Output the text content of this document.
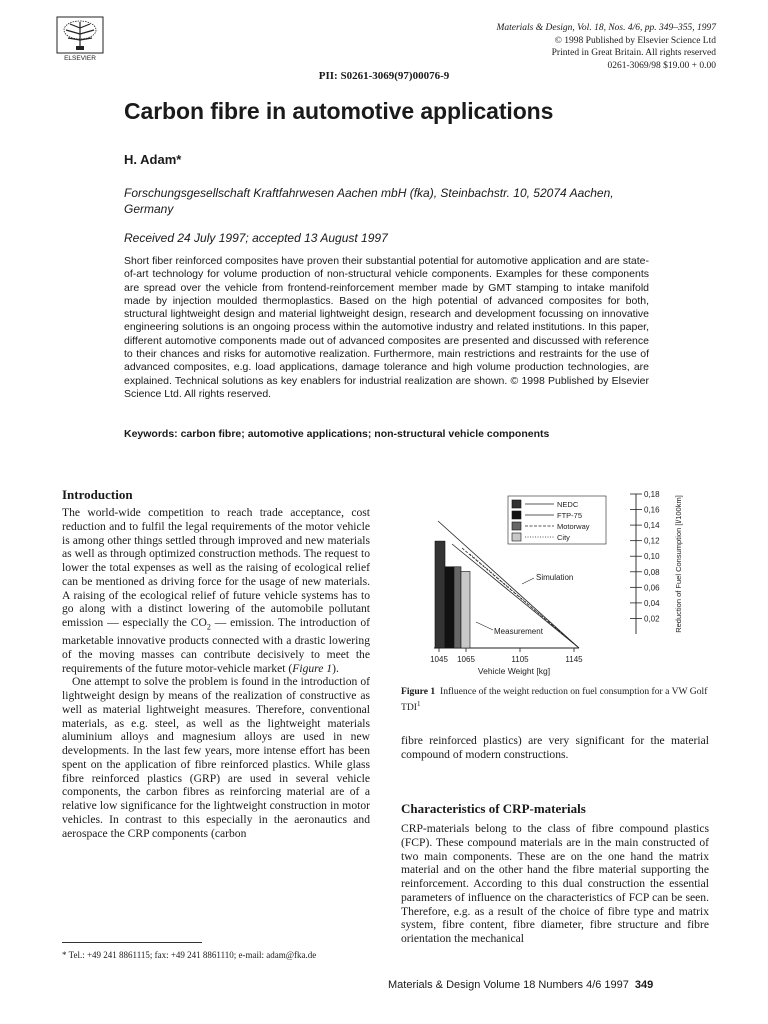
ELSEVIER
Materials & Design, Vol. 18, Nos. 4/6, pp. 349–355, 1997
© 1998 Published by Elsevier Science Ltd
Printed in Great Britain. All rights reserved
0261-3069/98 $19.00 + 0.00
PII: S0261-3069(97)00076-9
Carbon fibre in automotive applications
H. Adam*
Forschungsgesellschaft Kraftfahrwesen Aachen mbH (fka), Steinbachstr. 10, 52074 Aachen, Germany
Received 24 July 1997; accepted 13 August 1997
Short fiber reinforced composites have proven their substantial potential for automotive application and are state-of-art technology for volume production of non-structural vehicle components. Examples for these components are spread over the vehicle from frontend-reinforcement member made by GMT stamping to intake manifold made by injection moulded thermoplastics. Based on the high potential of advanced composites for both, structural lightweight design and material lightweight design, research and development focussing on innovative engineering solutions is an ongoing process within the automotive industry and related institutions. In this paper, different automotive components made out of advanced composites are presented and discussed with reference to their chances and risks for automotive realization. Furthermore, main restrictions and restraints for the use of advanced composites, e.g. load applications, damage tolerance and high volume production technologies, are explained. Technical solutions as key enablers for industrial realization are shown. © 1998 Published by Elsevier Science Ltd. All rights reserved.
Keywords: carbon fibre; automotive applications; non-structural vehicle components
Introduction
The world-wide competition to reach trade acceptance, cost reduction and to fulfil the legal requirements of the motor vehicle is among other things settled through improved and new materials as well as through optimized construction methods. The request to lower the total expenses as well as the raising of ecological relief can be mentioned as driving force for the usage of new materials. A raising of the ecological relief of future vehicle systems has to go along with a distinct lowering of the automobile pollutant emission — especially the $CO_2$ — emission. The introduction of marketable innovative products connected with a drastic lowering of the moving masses can contribute decisively to meet the requirements of the future motor-vehicle market (Figure 1).
One attempt to solve the problem is found in the introduction of lightweight design by means of the realization of constructive as well as material lightweight measures. Therefore, conventional materials, as e.g. steel, as well as the lightweight materials aluminium alloys and magnesium alloys are used in new developments. In the last few years, more intense effort has been spent on the application of fibre reinforced plastics. While glass fibre reinforced plastics (GRP) are used in several vehicle components, the carbon fibres as reinforcing material are of a relative low significance for the lightweight construction in motor vehicles. In contrast to this especially in the aeronautics and aerospace the CRP components (carbon
* Tel.: +49 241 8861115; fax: +49 241 8861110; e-mail: adam@fka.de
0,02
0,04
0,06
0,08
0,10
0,12
0,14
0,16
0,18
1045 1065	1105	1145
Vehicle Weight [kg]
Reduction of Fuel Consumption [l/100km]
Simulation
Measurement
NEDC
FTP-75
Motorway
City
Figure 1 Influence of the weight reduction on fuel consumption for a VW Golf TDI$^1$
fibre reinforced plastics) are very significant for the material compound of modern constructions.
Characteristics of CRP-materials
CRP-materials belong to the class of fibre compound plastics (FCP). These compound materials are in the main constructed of two main components. These are on the one hand the matrix material and on the other hand the fibre material supporting the reinforcement. According to this dual construction the essential parameters of influence on the characteristics of FCP can be seen. Therefore, e.g. as a result of the choice of fibre type and matrix system, fibre content, fibre diameter, fibre structure and fibre orientation the mechanical
Materials & Design Volume 18 Numbers 4/6 1997 349
